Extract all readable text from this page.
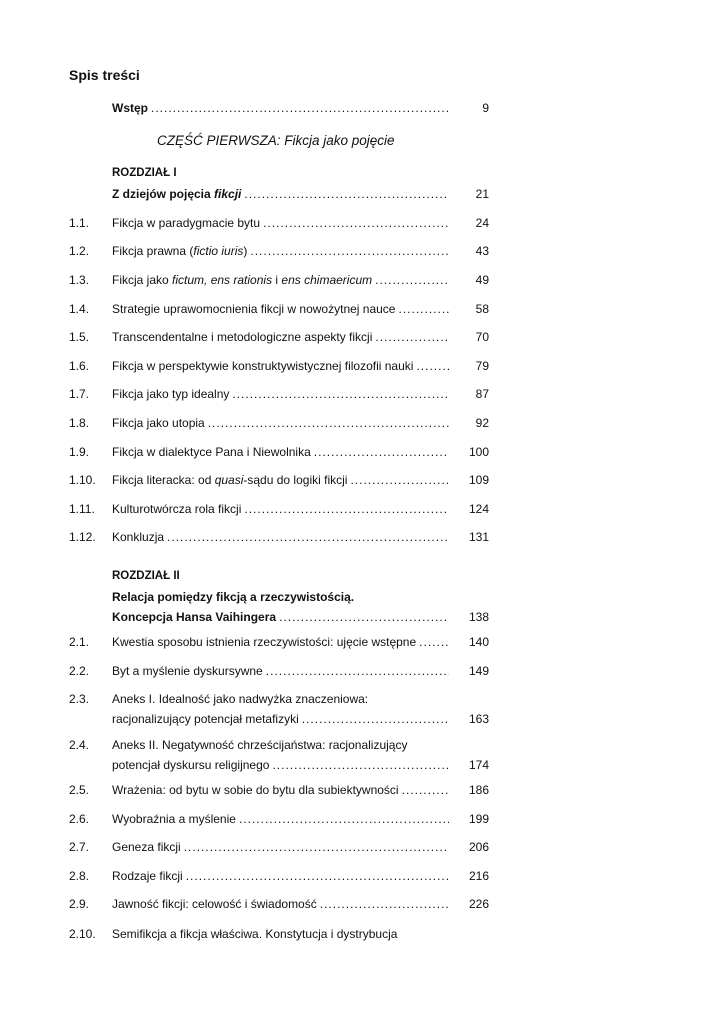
Spis treści
Wstęp .....	9
CZĘŚĆ PIERWSZA: Fikcja jako pojęcie
ROZDZIAŁ I
Z dziejów pojęcia fikcji .....	21
1.1. Fikcja w paradygmacie bytu .....	24
1.2. Fikcja prawna (fictio iuris) .....	43
1.3. Fikcja jako fictum, ens rationis i ens chimaericum .....	49
1.4. Strategie uprawomocnienia fikcji w nowożytnej nauce .....	58
1.5. Transcendentalne i metodologiczne aspekty fikcji .....	70
1.6. Fikcja w perspektywie konstruktywistycznej filozofii nauki .....	79
1.7. Fikcja jako typ idealny .....	87
1.8. Fikcja jako utopia .....	92
1.9. Fikcja w dialektyce Pana i Niewolnika .....	100
1.10. Fikcja literacka: od quasi-sądu do logiki fikcji .....	109
1.11. Kulturotwórcza rola fikcji .....	124
1.12. Konkluzja .....	131
ROZDZIAŁ II
Relacja pomiędzy fikcją a rzeczywistością.
Koncepcja Hansa Vaihingera .....	138
2.1. Kwestia sposobu istnienia rzeczywistości: ujęcie wstępne .....	140
2.2. Byt a myślenie dyskursywne .....	149
2.3. Aneks I. Idealność jako nadwyżka znaczeniowa:
racjonalizujący potencjał metafizyki .....	163
2.4. Aneks II. Negatywność chrześcijaństwa: racjonalizujący
potencjał dyskursu religijnego .....	174
2.5. Wrażenia: od bytu w sobie do bytu dla subiektywności .....	186
2.6. Wyobraźnia a myślenie .....	199
2.7. Geneza fikcji .....	206
2.8. Rodzaje fikcji .....	216
2.9. Jawność fikcji: celowość i świadomość .....	226
2.10. Semifikcja a fikcja właściwa. Konstytucja i dystrybucja
